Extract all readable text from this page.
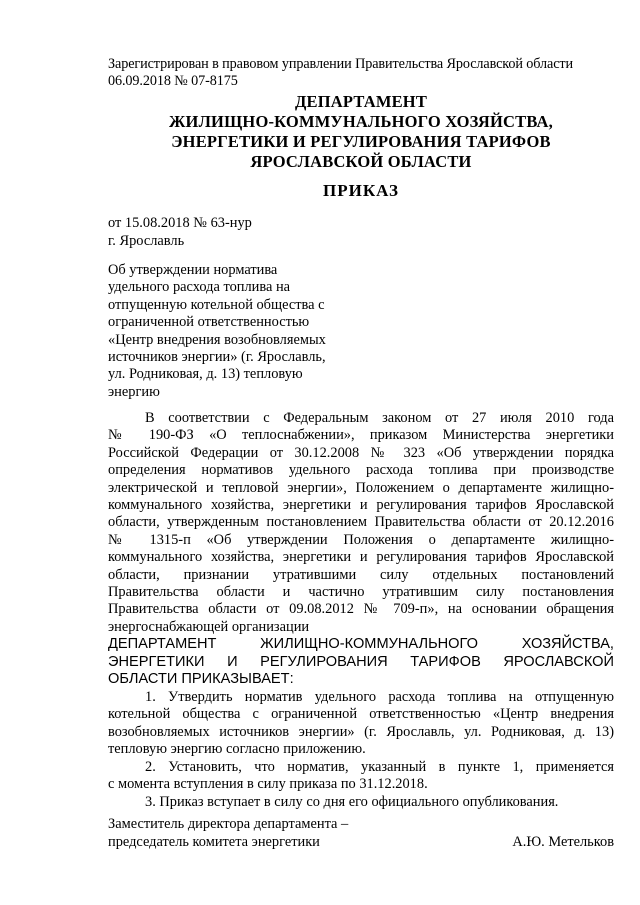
Зарегистрирован в правовом управлении Правительства Ярославской области
06.09.2018 № 07-8175
ДЕПАРТАМЕНТ
ЖИЛИЩНО-КОММУНАЛЬНОГО ХОЗЯЙСТВА,
ЭНЕРГЕТИКИ И РЕГУЛИРОВАНИЯ ТАРИФОВ
ЯРОСЛАВСКОЙ ОБЛАСТИ
ПРИКАЗ
от 15.08.2018 № 63-нур
г. Ярославль
Об утверждении норматива
удельного расхода топлива на
отпущенную котельной общества с
ограниченной ответственностью
«Центр внедрения возобновляемых
источников энергии» (г. Ярославль,
ул. Родниковая, д. 13) тепловую
энергию
В соответствии с Федеральным законом от 27 июля 2010 года
№ 190-ФЗ «О теплоснабжении», приказом Министерства энергетики
Российской Федерации от 30.12.2008 № 323 «Об утверждении порядка
определения нормативов удельного расхода топлива при производстве
электрической и тепловой энергии», Положением о департаменте жилищно-
коммунального хозяйства, энергетики и регулирования тарифов Ярославской
области, утвержденным постановлением Правительства области от 20.12.2016
№ 1315-п «Об утверждении Положения о департаменте жилищно-
коммунального хозяйства, энергетики и регулирования тарифов Ярославской
области, признании утратившими силу отдельных постановлений
Правительства области и частично утратившим силу постановления
Правительства области от 09.08.2012 № 709-п», на основании обращения
энергоснабжающей организации
ДЕПАРТАМЕНТ ЖИЛИЩНО-КОММУНАЛЬНОГО ХОЗЯЙСТВА,
ЭНЕРГЕТИКИ И РЕГУЛИРОВАНИЯ ТАРИФОВ ЯРОСЛАВСКОЙ
ОБЛАСТИ ПРИКАЗЫВАЕТ:
1. Утвердить норматив удельного расхода топлива на отпущенную
котельной общества с ограниченной ответственностью «Центр внедрения
возобновляемых источников энергии» (г. Ярославль, ул. Родниковая, д. 13)
тепловую энергию согласно приложению.
2. Установить, что норматив, указанный в пункте 1, применяется
с момента вступления в силу приказа по 31.12.2018.
3. Приказ вступает в силу со дня его официального опубликования.
Заместитель директора департамента –
председатель комитета энергетики	А.Ю. Метельков
